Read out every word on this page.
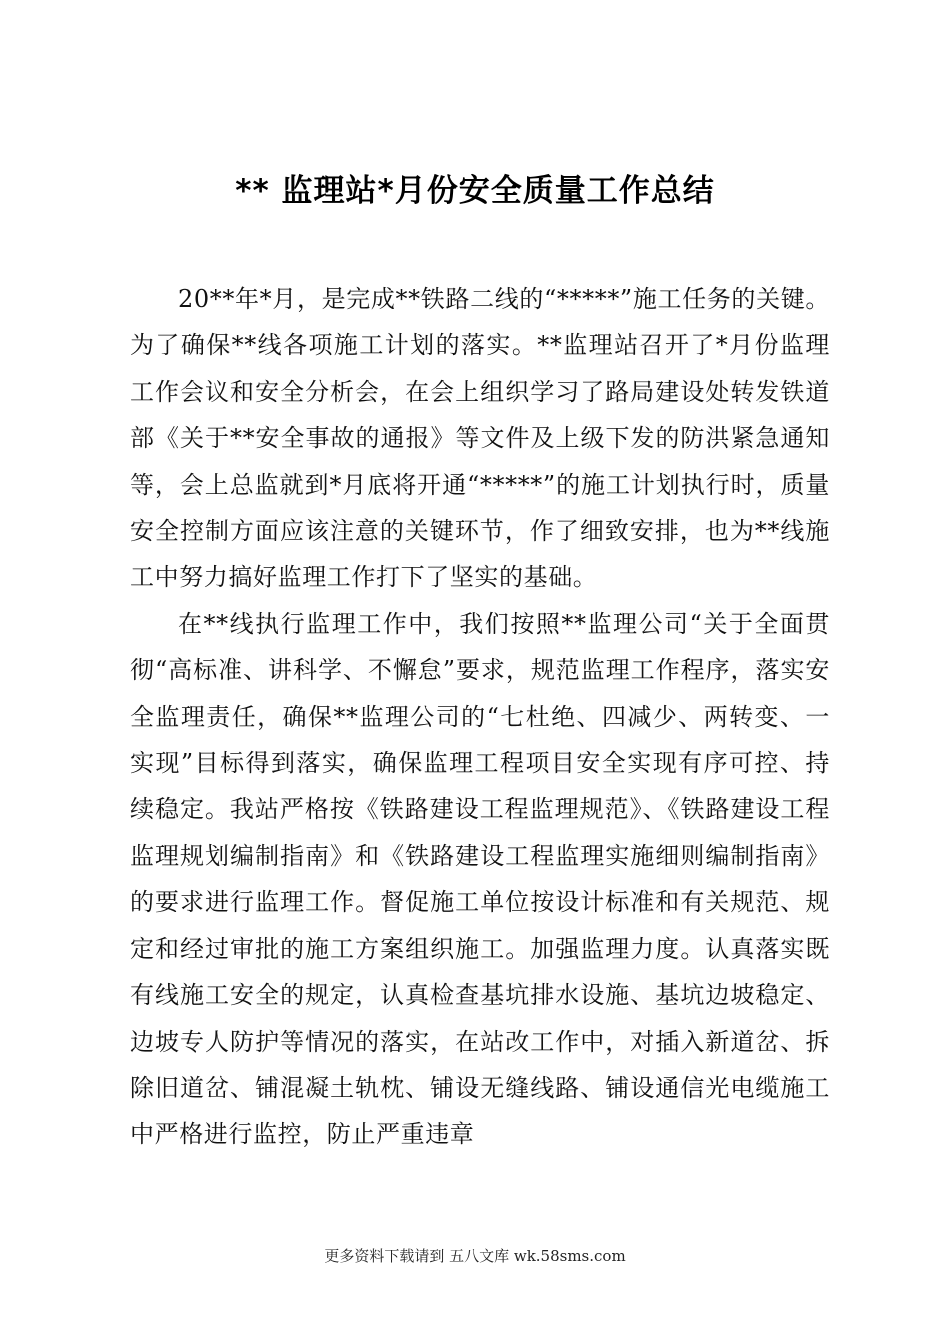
** 监理站*月份安全质量工作总结

20**年*月，是完成**铁路二线的“*****”施工任务的关键。为了确保**线各项施工计划的落实。**监理站召开了*月份监理工作会议和安全分析会，在会上组织学习了路局建设处转发铁道部《关于**安全事故的通报》等文件及上级下发的防洪紧急通知等，会上总监就到*月底将开通“*****”的施工计划执行时，质量安全控制方面应该注意的关键环节，作了细致安排，也为**线施工中努力搞好监理工作打下了坚实的基础。

在**线执行监理工作中，我们按照**监理公司“关于全面贯彻“高标准、讲科学、不懈怠”要求，规范监理工作程序，落实安全监理责任，确保**监理公司的“七杜绝、四减少、两转变、一实现”目标得到落实，确保监理工程项目安全实现有序可控、持续稳定。我站严格按《铁路建设工程监理规范》、《铁路建设工程监理规划编制指南》和《铁路建设工程监理实施细则编制指南》的要求进行监理工作。督促施工单位按设计标准和有关规范、规定和经过审批的施工方案组织施工。加强监理力度。认真落实既有线施工安全的规定，认真检查基坑排水设施、基坑边坡稳定、边坡专人防护等情况的落实，在站改工作中，对插入新道岔、拆除旧道岔、铺混凝土轨枕、铺设无缝线路、铺设通信光电缆施工中严格进行监控，防止严重违章

更多资料下载请到 五八文库 wk.58sms.com
